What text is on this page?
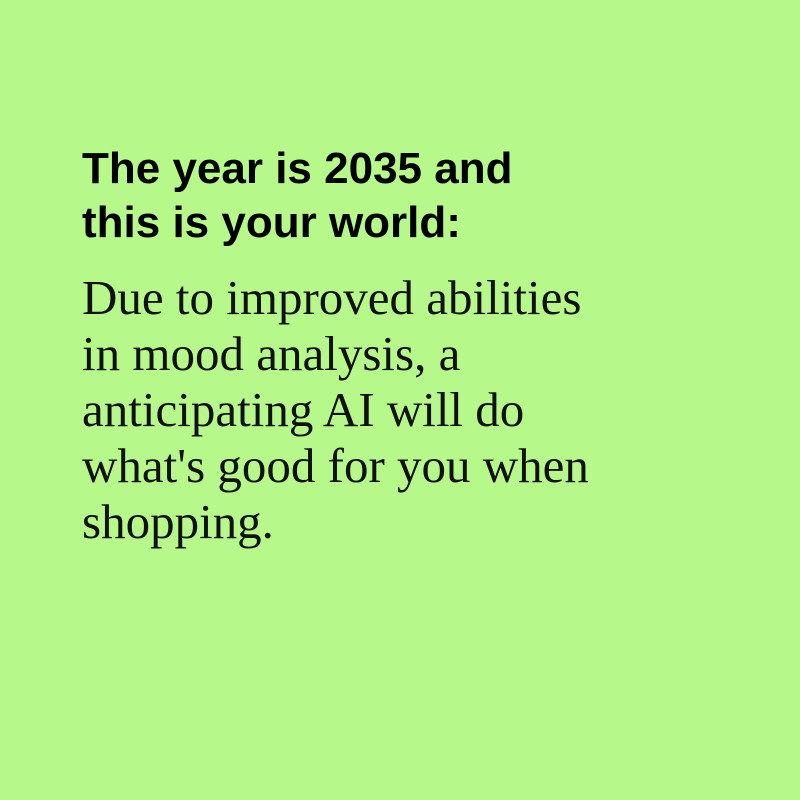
The year is 2035 and
this is your world:

Due to improved abilities
in mood analysis, a
anticipating AI will do
what's good for you when
shopping.
